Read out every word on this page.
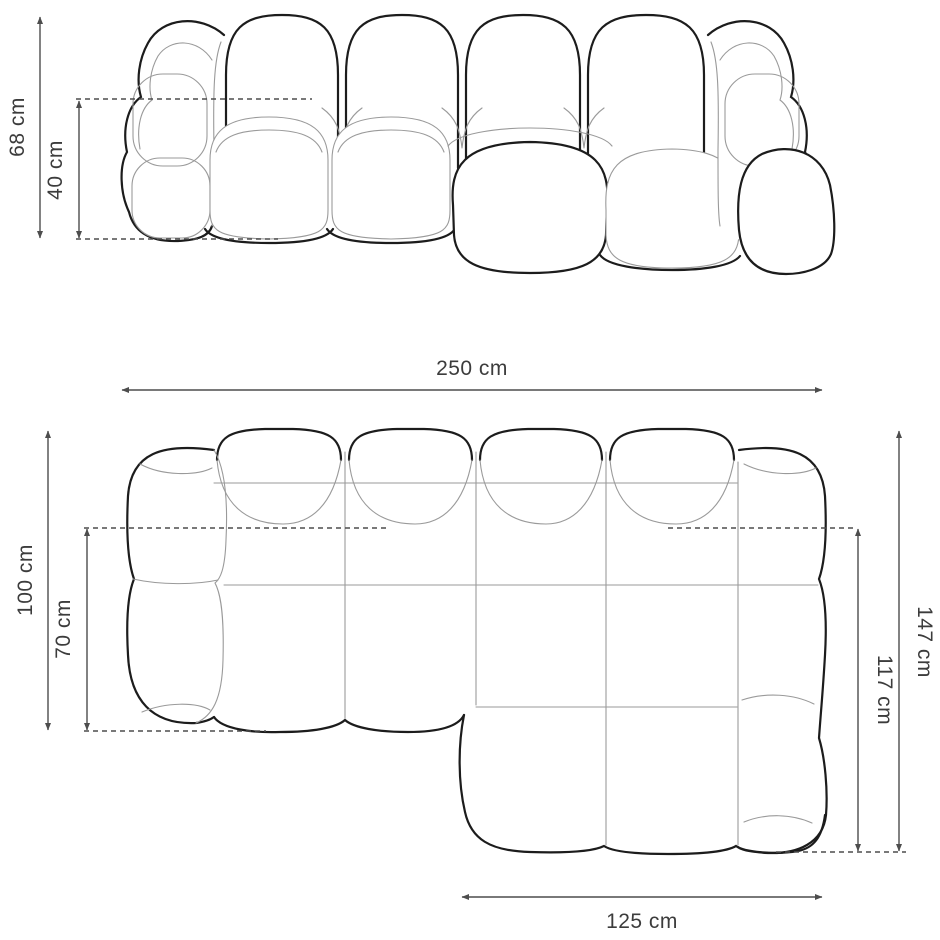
68 cm
40 cm
250 cm
100 cm
70 cm
117 cm
147 cm
125 cm
